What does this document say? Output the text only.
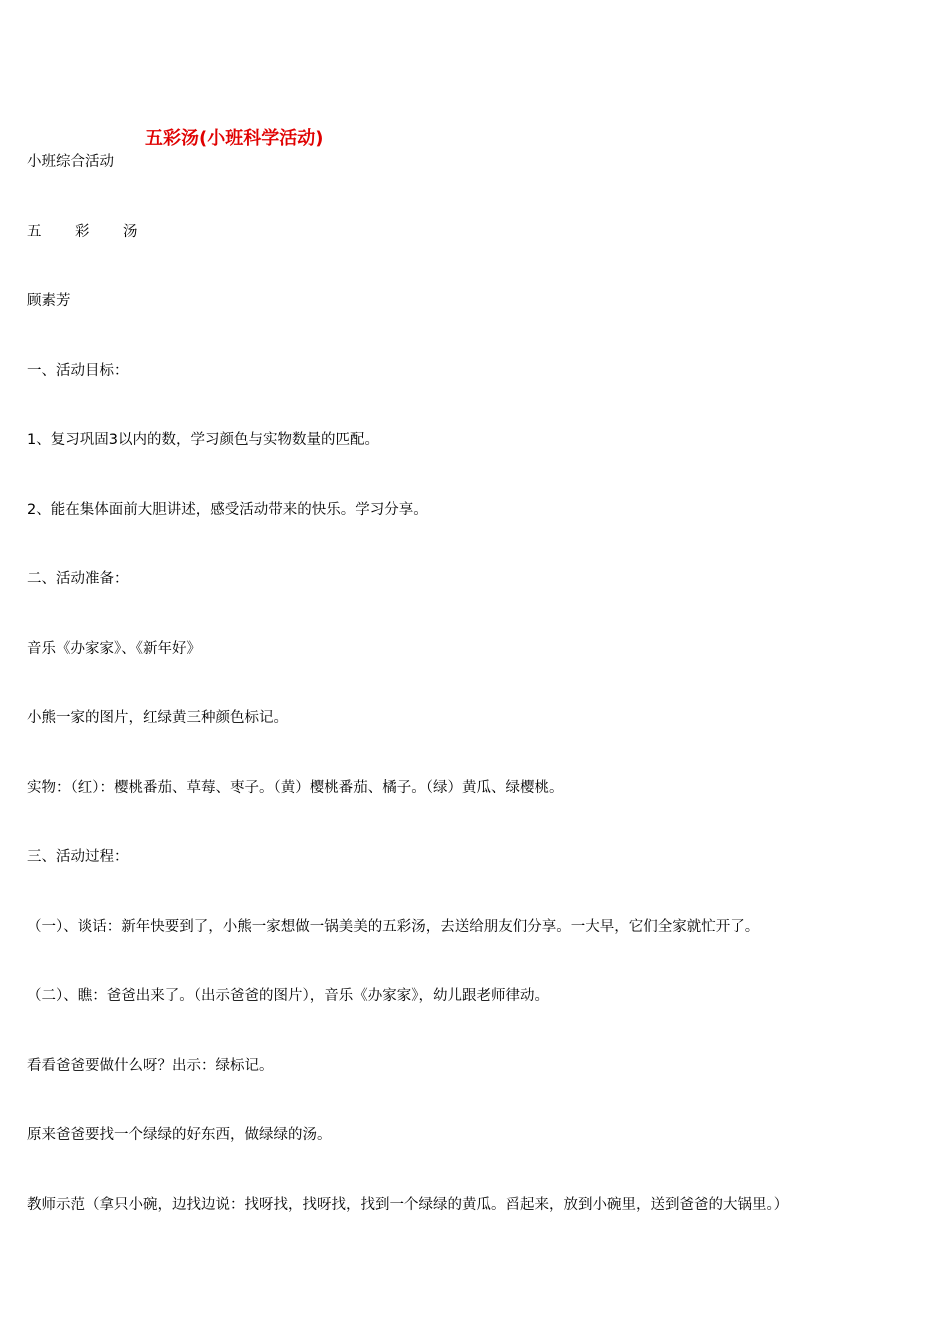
五彩汤(小班科学活动)
小班综合活动
五 彩 汤
顾素芳
一、活动目标：
1、复习巩固3以内的数，学习颜色与实物数量的匹配。
2、能在集体面前大胆讲述，感受活动带来的快乐。学习分享。
二、活动准备：
音乐《办家家》、《新年好》
小熊一家的图片，红绿黄三种颜色标记。
实物：（红）：樱桃番茄、草莓、枣子。（黄）樱桃番茄、橘子。（绿）黄瓜、绿樱桃。
三、活动过程：
（一）、谈话：新年快要到了，小熊一家想做一锅美美的五彩汤，去送给朋友们分享。一大早，它们全家就忙开了。
（二）、瞧：爸爸出来了。（出示爸爸的图片），音乐《办家家》，幼儿跟老师律动。
看看爸爸要做什么呀？出示：绿标记。
原来爸爸要找一个绿绿的好东西，做绿绿的汤。
教师示范（拿只小碗，边找边说：找呀找，找呀找，找到一个绿绿的黄瓜。舀起来，放到小碗里，送到爸爸的大锅里。）
